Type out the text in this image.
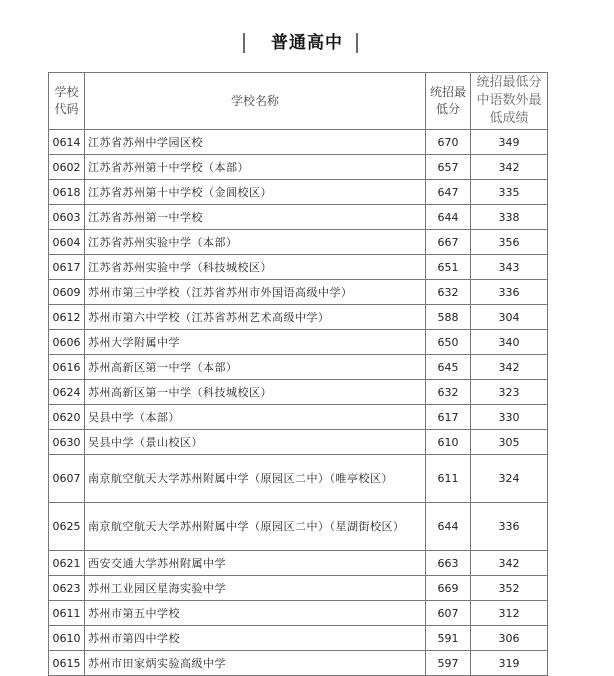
普通高中
学校代码	学校名称	统招最低分	统招最低分中语数外最低成绩

0614	江苏省苏州中学园区校	670	349
0602	江苏省苏州第十中学校（本部）	657	342
0618	江苏省苏州第十中学校（金阊校区）	647	335
0603	江苏省苏州第一中学校	644	338
0604	江苏省苏州实验中学（本部）	667	356
0617	江苏省苏州实验中学（科技城校区）	651	343
0609	苏州市第三中学校（江苏省苏州市外国语高级中学）	632	336
0612	苏州市第六中学校（江苏省苏州艺术高级中学）	588	304
0606	苏州大学附属中学	650	340
0616	苏州高新区第一中学（本部）	645	342
0624	苏州高新区第一中学（科技城校区）	632	323
0620	吴县中学（本部）	617	330
0630	吴县中学（景山校区）	610	305
0607	南京航空航天大学苏州附属中学（原园区二中）（唯亭校区）	611	324
0625	南京航空航天大学苏州附属中学（原园区二中）（星湖街校区）	644	336
0621	西安交通大学苏州附属中学	663	342
0623	苏州工业园区星海实验中学	669	352
0611	苏州市第五中学校	607	312
0610	苏州市第四中学校	591	306
0615	苏州市田家炳实验高级中学	597	319
